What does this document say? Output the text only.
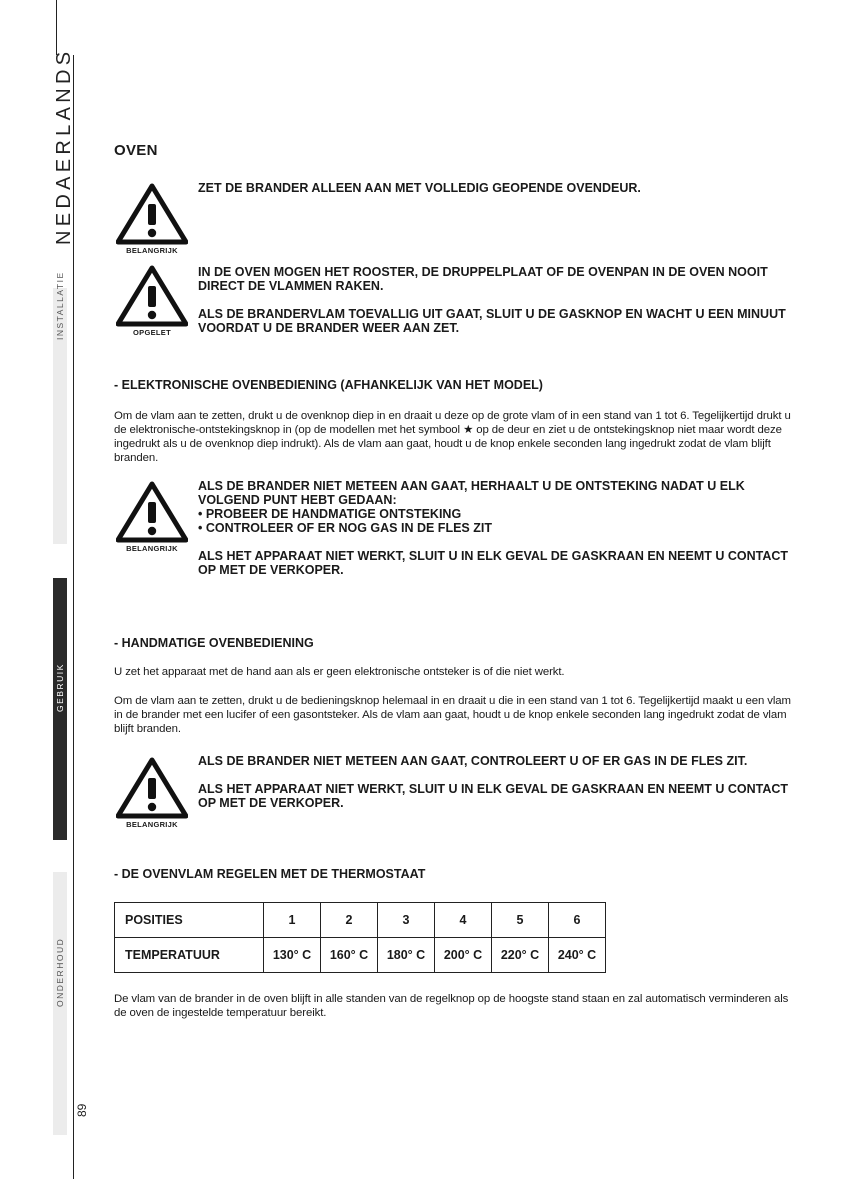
NEDAERLANDS
INSTALLATIE
GEBRUIK
ONDERHOUD
89
OVEN
BELANGRIJK

ZET DE BRANDER ALLEEN AAN MET VOLLEDIG GEOPENDE OVENDEUR.

OPGELET

IN DE OVEN MOGEN HET ROOSTER, DE DRUPPELPLAAT OF DE OVENPAN IN DE OVEN NOOIT DIRECT DE VLAMMEN RAKEN.

ALS DE BRANDERVLAM TOEVALLIG UIT GAAT, SLUIT U DE GASKNOP EN WACHT U EEN MINUUT VOORDAT U DE BRANDER WEER AAN ZET.

- ELEKTRONISCHE OVENBEDIENING (AFHANKELIJK VAN HET MODEL)

Om de vlam aan te zetten, drukt u de ovenknop diep in en draait u deze op de grote vlam of in een stand van 1 tot 6. Tegelijkertijd drukt u de elektronische-ontstekingsknop in (op de modellen met het symbool ★ op de deur en ziet u de ontstekingsknop niet maar wordt deze ingedrukt als u de ovenknop diep indrukt). Als de vlam aan gaat, houdt u de knop enkele seconden lang ingedrukt zodat de vlam blijft branden.

BELANGRIJK

ALS DE BRANDER NIET METEEN AAN GAAT, HERHAALT U DE ONTSTEKING NADAT U ELK VOLGEND PUNT HEBT GEDAAN:
• PROBEER DE HANDMATIGE ONTSTEKING
• CONTROLEER OF ER NOG GAS IN DE FLES ZIT

ALS HET APPARAAT NIET WERKT, SLUIT U IN ELK GEVAL DE GASKRAAN EN NEEMT U CONTACT OP MET DE VERKOPER.

- HANDMATIGE OVENBEDIENING

U zet het apparaat met de hand aan als er geen elektronische ontsteker is of die niet werkt.

Om de vlam aan te zetten, drukt u de bedieningsknop helemaal in en draait u die in een stand van 1 tot 6. Tegelijkertijd maakt u een vlam in de brander met een lucifer of een gasontsteker. Als de vlam aan gaat, houdt u de knop enkele seconden lang ingedrukt zodat de vlam blijft branden.

BELANGRIJK

ALS DE BRANDER NIET METEEN AAN GAAT, CONTROLEERT U OF ER GAS IN DE FLES ZIT.

ALS HET APPARAAT NIET WERKT, SLUIT U IN ELK GEVAL DE GASKRAAN EN NEEMT U CONTACT OP MET DE VERKOPER.

- DE OVENVLAM REGELEN MET DE THERMOSTAAT
POSITIES	1	2	3	4	5	6
TEMPERATUUR	130° C	160° C	180° C	200° C	220° C	240° C

De vlam van de brander in de oven blijft in alle standen van de regelknop op de hoogste stand staan en zal automatisch verminderen als de oven de ingestelde temperatuur bereikt.
